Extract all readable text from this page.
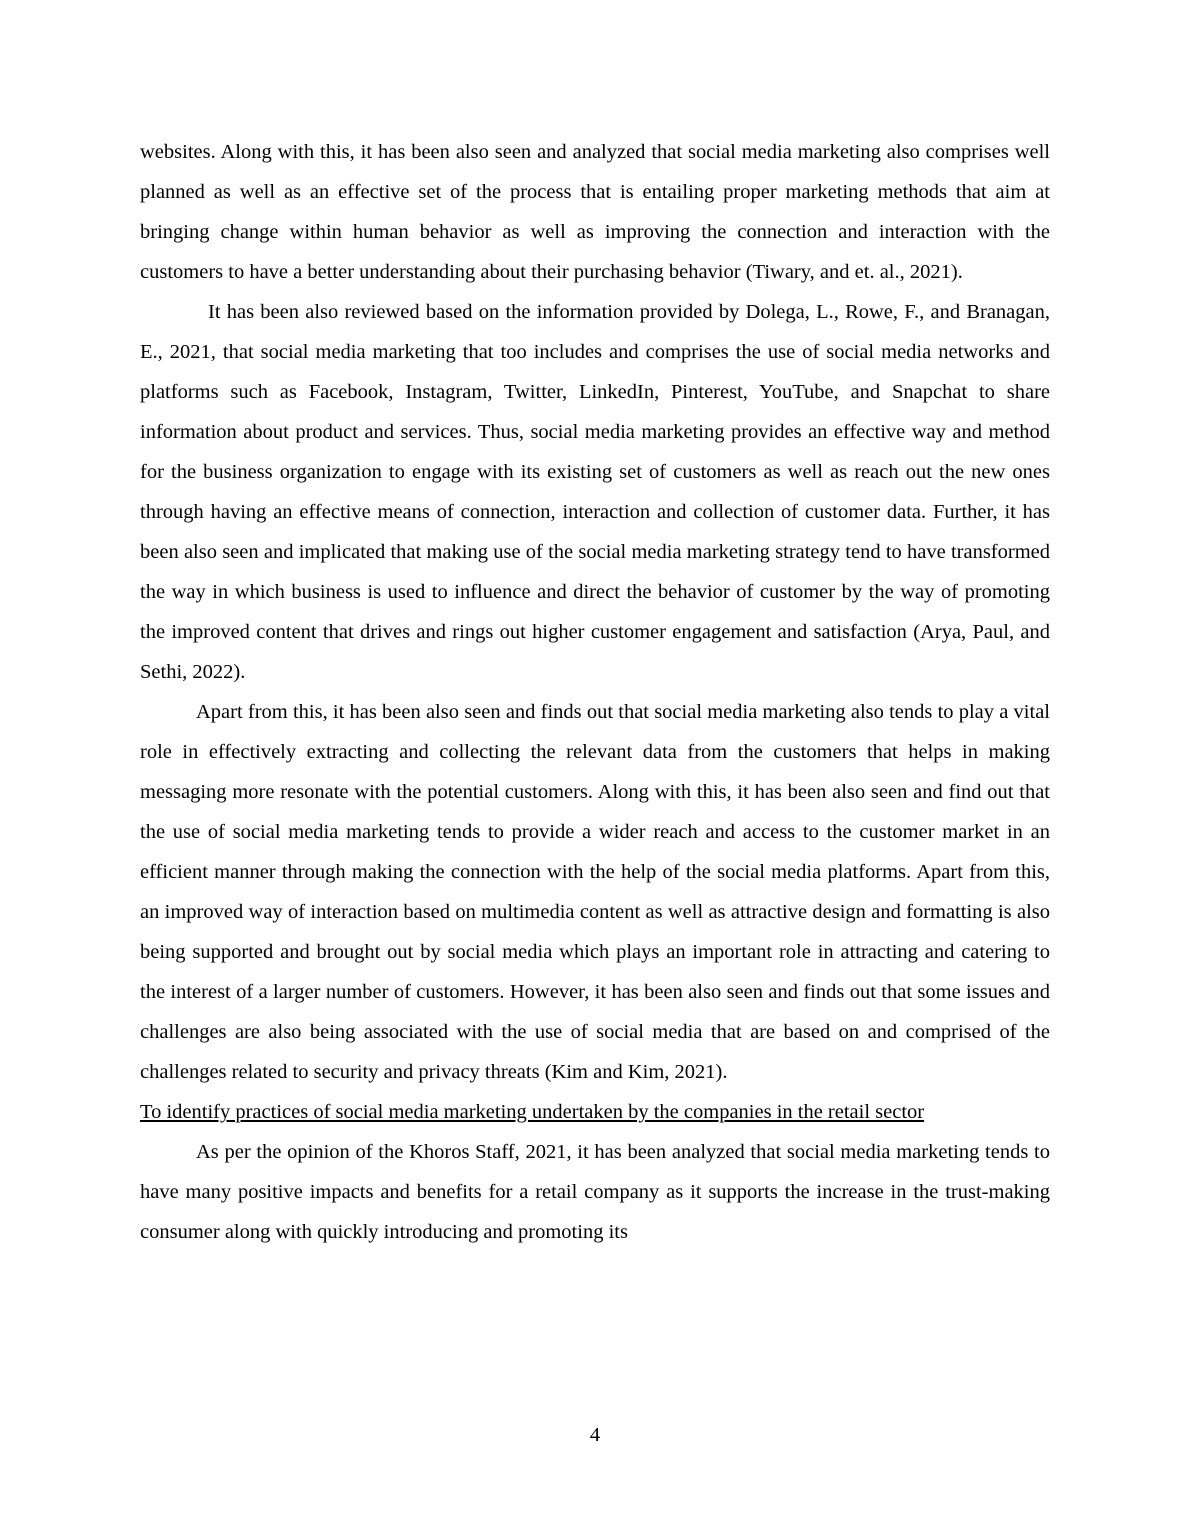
websites. Along with this, it has been also seen and analyzed that social media marketing also comprises well planned as well as an effective set of the process that is entailing proper marketing methods that aim at bringing change within human behavior as well as improving the connection and interaction with the customers to have a better understanding about their purchasing behavior (Tiwary, and et. al., 2021).

It has been also reviewed based on the information provided by Dolega, L., Rowe, F., and Branagan, E., 2021, that social media marketing that too includes and comprises the use of social media networks and platforms such as Facebook, Instagram, Twitter, LinkedIn, Pinterest, YouTube, and Snapchat to share information about product and services. Thus, social media marketing provides an effective way and method for the business organization to engage with its existing set of customers as well as reach out the new ones through having an effective means of connection, interaction and collection of customer data. Further, it has been also seen and implicated that making use of the social media marketing strategy tend to have transformed the way in which business is used to influence and direct the behavior of customer by the way of promoting the improved content that drives and rings out higher customer engagement and satisfaction (Arya, Paul, and Sethi, 2022).

Apart from this, it has been also seen and finds out that social media marketing also tends to play a vital role in effectively extracting and collecting the relevant data from the customers that helps in making messaging more resonate with the potential customers. Along with this, it has been also seen and find out that the use of social media marketing tends to provide a wider reach and access to the customer market in an efficient manner through making the connection with the help of the social media platforms. Apart from this, an improved way of interaction based on multimedia content as well as attractive design and formatting is also being supported and brought out by social media which plays an important role in attracting and catering to the interest of a larger number of customers. However, it has been also seen and finds out that some issues and challenges are also being associated with the use of social media that are based on and comprised of the challenges related to security and privacy threats (Kim and Kim, 2021).

To identify practices of social media marketing undertaken by the companies in the retail sector

As per the opinion of the Khoros Staff, 2021, it has been analyzed that social media marketing tends to have many positive impacts and benefits for a retail company as it supports the increase in the trust-making consumer along with quickly introducing and promoting its

4
